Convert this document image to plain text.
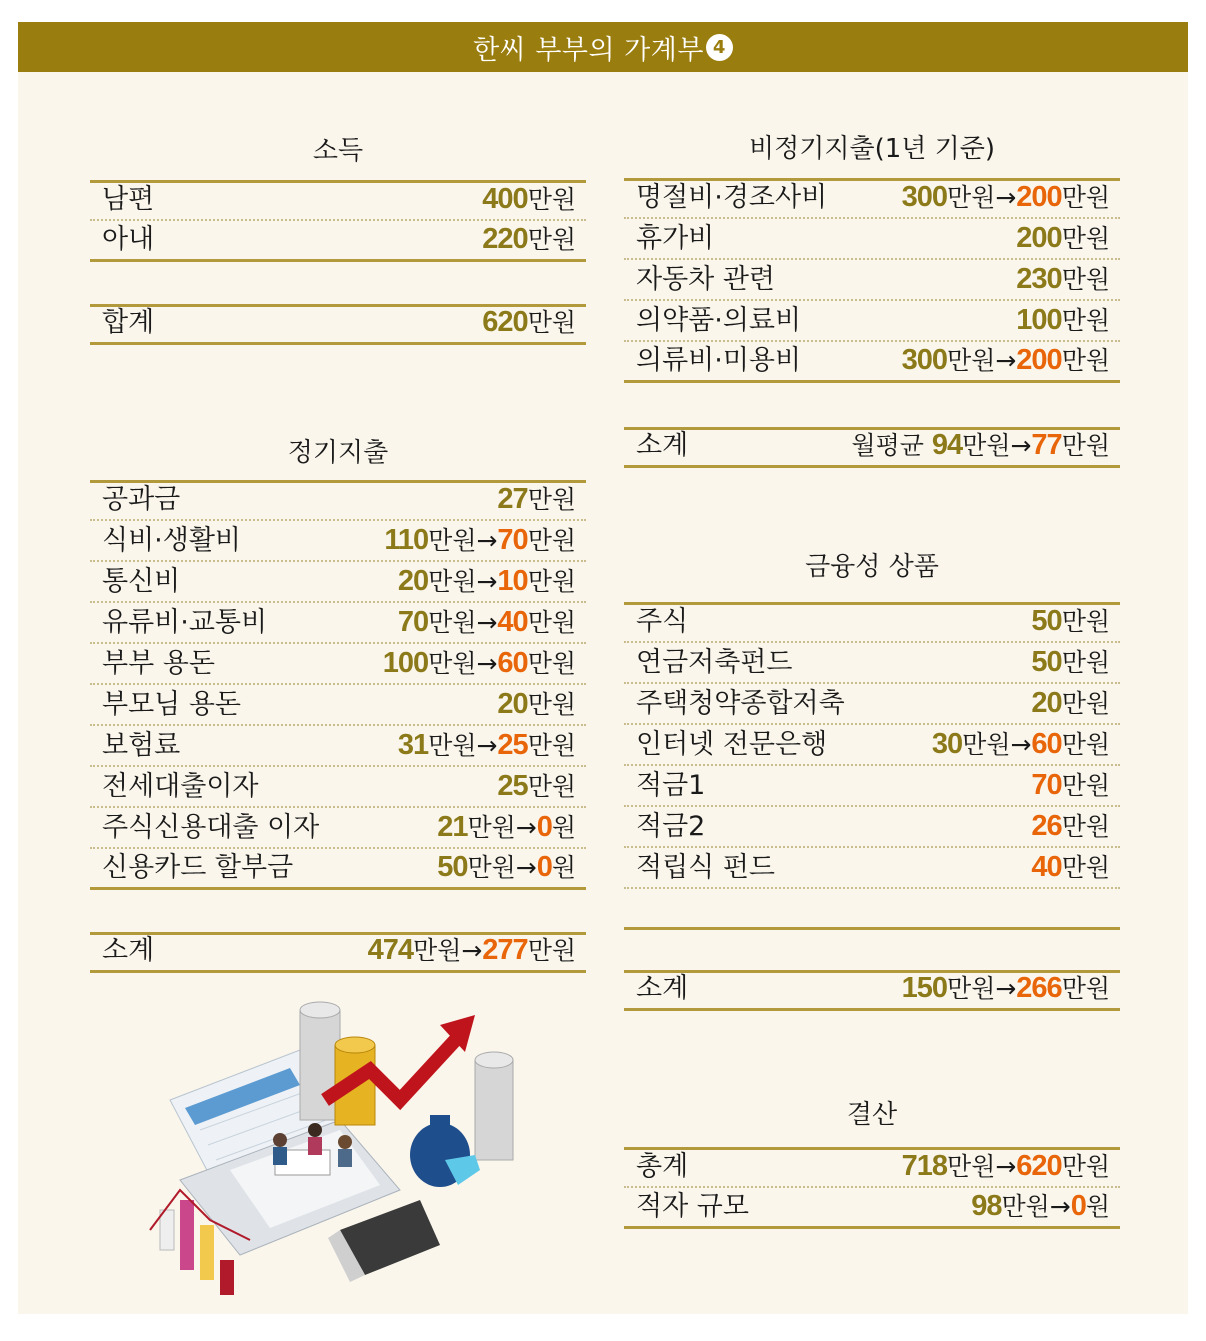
한씨 부부의 가계부 4
소득
남편	400만원
아내	220만원
합계	620만원
정기지출
공과금	27만원
식비·생활비	110만원→70만원
통신비	20만원→10만원
유류비·교통비	70만원→40만원
부부 용돈	100만원→60만원
부모님 용돈	20만원
보험료	31만원→25만원
전세대출이자	25만원
주식신용대출 이자	21만원→0원
신용카드 할부금	50만원→0원
소계	474만원→277만원
비정기지출(1년 기준)
명절비·경조사비	300만원→200만원
휴가비	200만원
자동차 관련	230만원
의약품·의료비	100만원
의류비·미용비	300만원→200만원
소계	월평균 94만원→77만원
금융성 상품
주식	50만원
연금저축펀드	50만원
주택청약종합저축	20만원
인터넷 전문은행	30만원→60만원
적금1	70만원
적금2	26만원
적립식 펀드	40만원
소계	150만원→266만원
결산
총계	718만원→620만원
적자 규모	98만원→0원
